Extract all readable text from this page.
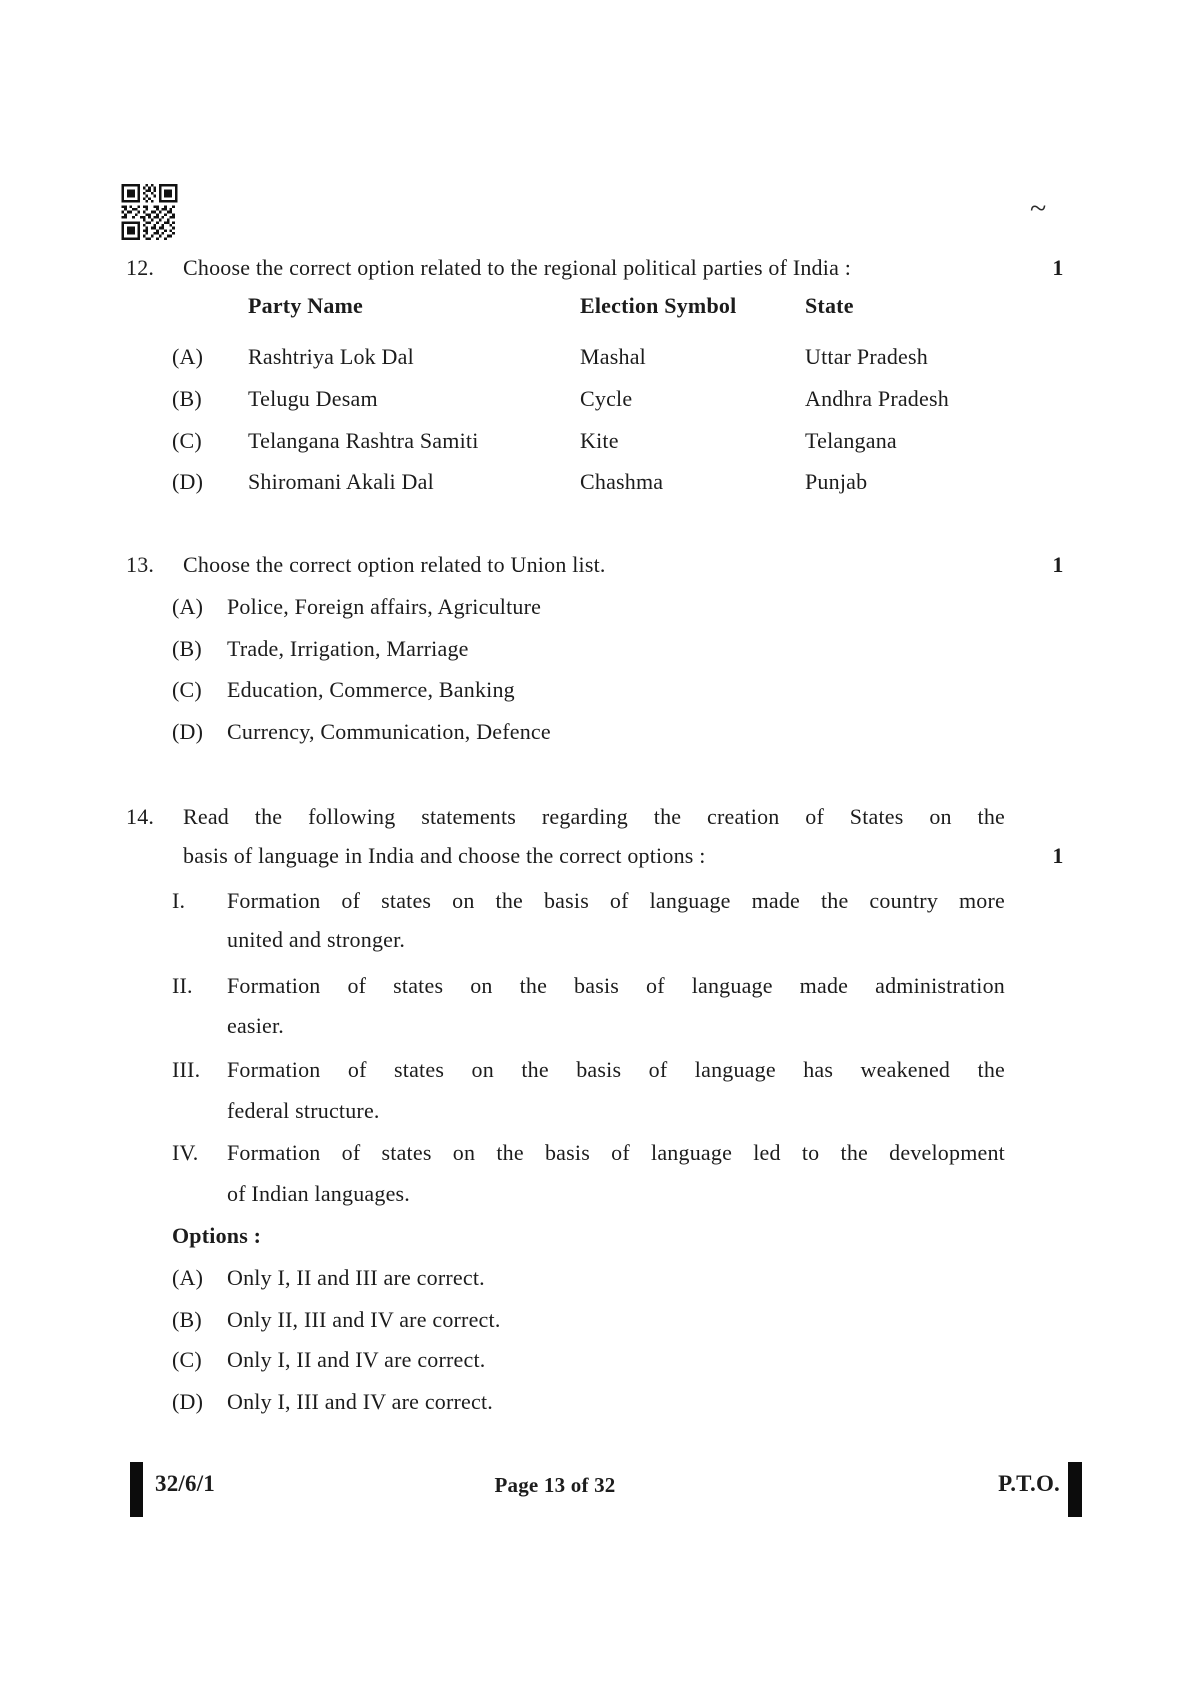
~
12. Choose the correct option related to the regional political parties of India :	1
Party Name	Election Symbol	State
(A) Rashtriya Lok Dal	Mashal	Uttar Pradesh
(B) Telugu Desam	Cycle	Andhra Pradesh
(C) Telangana Rashtra Samiti	Kite	Telangana
(D) Shiromani Akali Dal	Chashma	Punjab
13. Choose the correct option related to Union list.	1
(A) Police, Foreign affairs, Agriculture
(B) Trade, Irrigation, Marriage
(C) Education, Commerce, Banking
(D) Currency, Communication, Defence
14. Read the following statements regarding the creation of States on the
basis of language in India and choose the correct options :	1
I. Formation of states on the basis of language made the country more
united and stronger.
II. Formation of states on the basis of language made administration
easier.
III. Formation of states on the basis of language has weakened the
federal structure.
IV. Formation of states on the basis of language led to the development
of Indian languages.
Options :
(A) Only I, II and III are correct.
(B) Only II, III and IV are correct.
(C) Only I, II and IV are correct.
(D) Only I, III and IV are correct.
32/6/1	Page 13 of 32	P.T.O.
